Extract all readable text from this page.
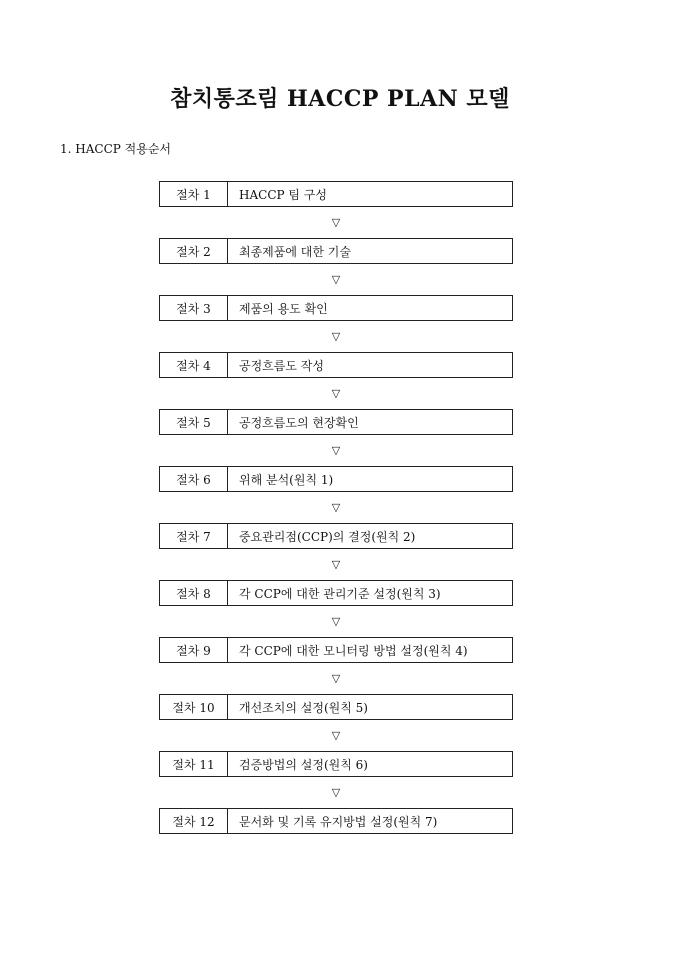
참치통조림 HACCP PLAN 모델
1. HACCP 적용순서
절차 1	HACCP 팀 구성
▽
절차 2	최종제품에 대한 기술
▽
절차 3	제품의 용도 확인
▽
절차 4	공정흐름도 작성
▽
절차 5	공정흐름도의 현장확인
▽
절차 6	위해 분석(원칙 1)
▽
절차 7	중요관리점(CCP)의 결정(원칙 2)
▽
절차 8	각 CCP에 대한 관리기준 설정(원칙 3)
▽
절차 9	각 CCP에 대한 모니터링 방법 설정(원칙 4)
▽
절차 10	개선조치의 설정(원칙 5)
▽
절차 11	검증방법의 설정(원칙 6)
▽
절차 12	문서화 및 기록 유지방법 설정(원칙 7)
